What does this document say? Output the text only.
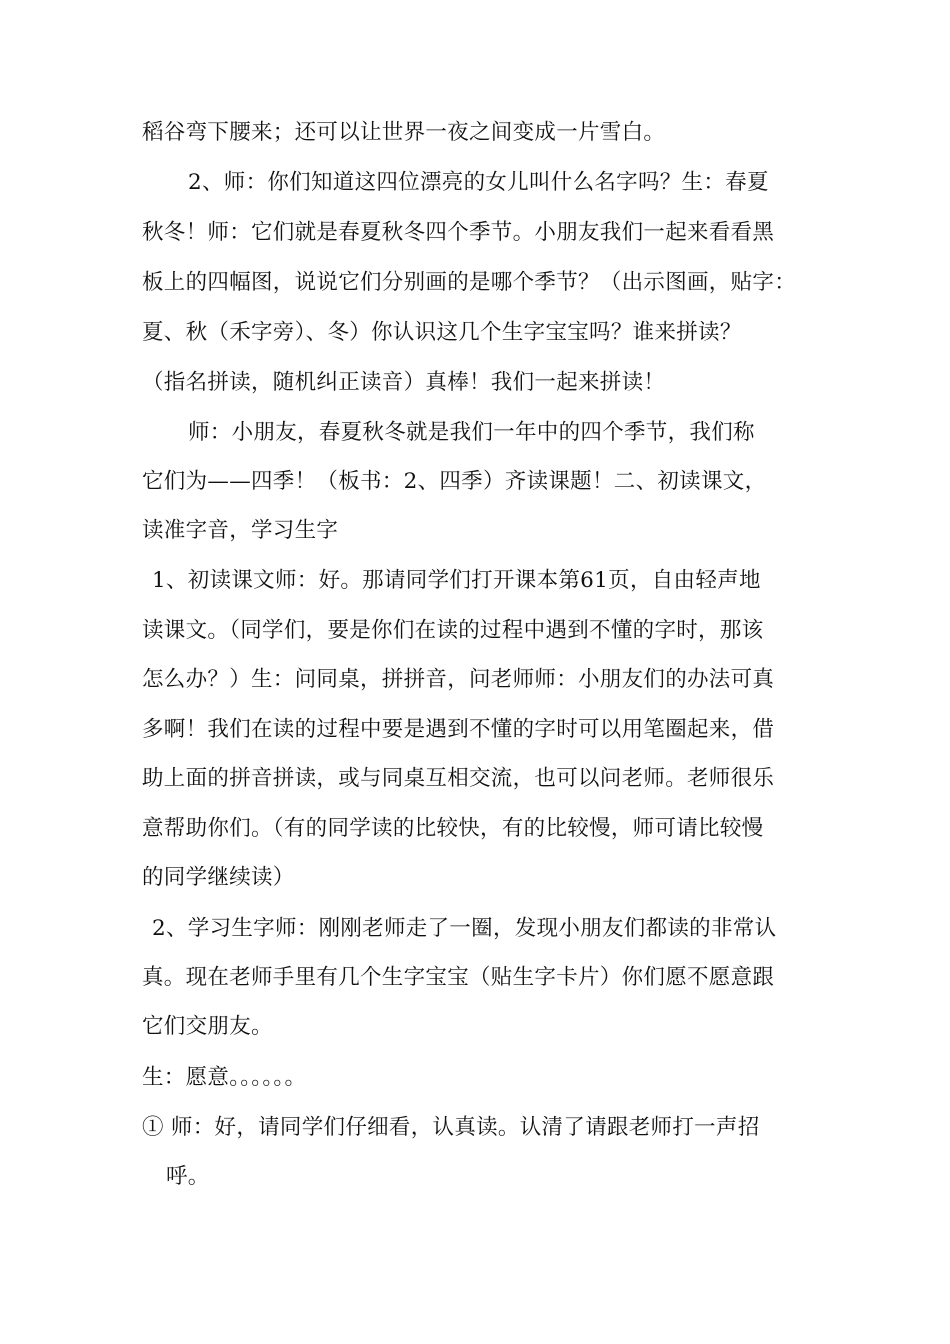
稻谷弯下腰来；还可以让世界一夜之间变成一片雪白。
2、师：你们知道这四位漂亮的女儿叫什么名字吗？生：春夏
秋冬！师：它们就是春夏秋冬四个季节。小朋友我们一起来看看黑
板上的四幅图，说说它们分别画的是哪个季节？（出示图画，贴字：
夏、秋（禾字旁）、冬）你认识这几个生字宝宝吗？谁来拼读？
（指名拼读，随机纠正读音）真棒！我们一起来拼读！
师：小朋友，春夏秋冬就是我们一年中的四个季节，我们称
它们为——四季！（板书：2、四季）齐读课题！二、初读课文，
读准字音，学习生字
1、初读课文师：好。那请同学们打开课本第61页，自由轻声地
读课文。（同学们，要是你们在读的过程中遇到不懂的字时，那该
怎么办？）生：问同桌，拼拼音，问老师师：小朋友们的办法可真
多啊！我们在读的过程中要是遇到不懂的字时可以用笔圈起来，借
助上面的拼音拼读，或与同桌互相交流，也可以问老师。老师很乐
意帮助你们。（有的同学读的比较快，有的比较慢，师可请比较慢
的同学继续读）
2、学习生字师：刚刚老师走了一圈，发现小朋友们都读的非常认
真。现在老师手里有几个生字宝宝（贴生字卡片）你们愿不愿意跟
它们交朋友。
生：愿意。。。。。。
① 师：好，请同学们仔细看，认真读。认清了请跟老师打一声招
呼。
